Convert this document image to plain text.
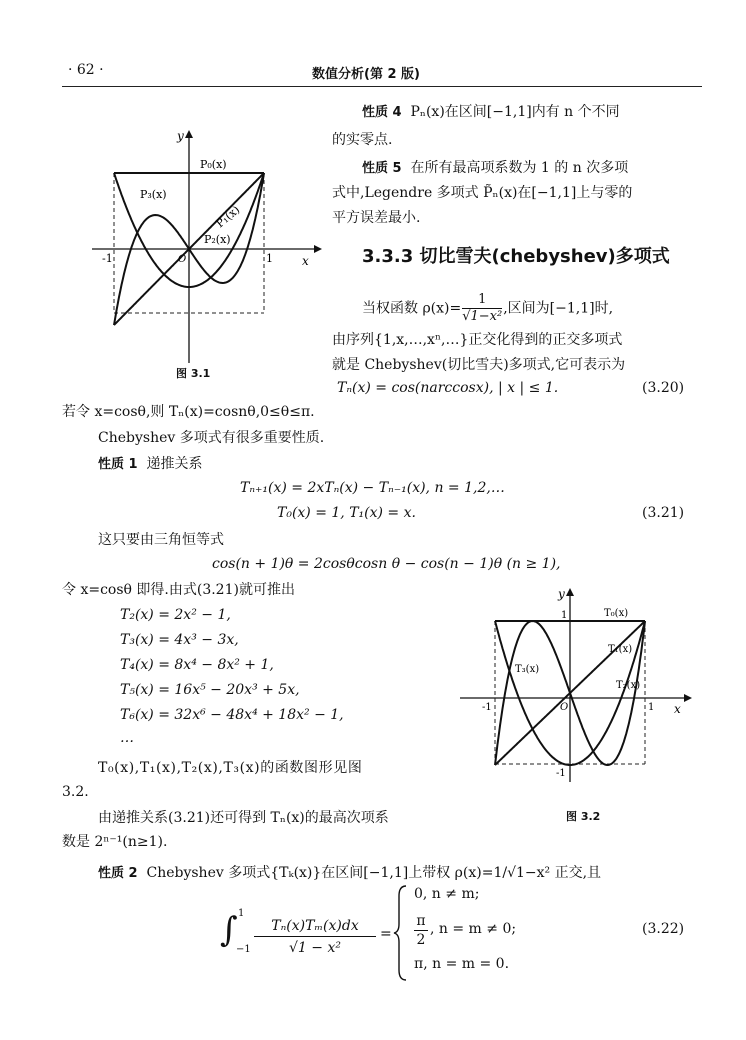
· 62 ·	数值分析(第 2 版)
y
x
O
-1	1
P₀(x)
P₃(x)
P₁(x)
P₂(x)
图 3.1
性质 4 Pₙ(x)在区间[−1,1]内有 n 个不同
的实零点.
性质 5 在所有最高项系数为 1 的 n 次多项
式中,Legendre 多项式 P̃ₙ(x)在[−1,1]上与零的
平方误差最小.
3.3.3 切比雪夫(chebyshev)多项式
当权函数 $\rho(x)= \frac{1}{\text{√1−x²}}$ ,区间为[−1,1]时,
由序列{1,x,…,xⁿ,…}正交化得到的正交多项式
就是 Chebyshev(切比雪夫)多项式,它可表示为
Tₙ(x) = cos(narccosx), | x | ≤ 1.	(3.20)
若令 x=cosθ,则 Tₙ(x)=cosnθ,0≤θ≤π.
Chebyshev 多项式有很多重要性质.
性质 1 递推关系
Tₙ₊₁(x) = 2xTₙ(x) − Tₙ₋₁(x), n = 1,2,…
T₀(x) = 1, T₁(x) = x.	(3.21)
这只要由三角恒等式
cos(n + 1)θ = 2cosθcosn θ − cos(n − 1)θ (n ≥ 1),
令 x=cosθ 即得.由式(3.21)就可推出
T₂(x) = 2x² − 1,
T₃(x) = 4x³ − 3x,
T₄(x) = 8x⁴ − 8x² + 1,
T₅(x) = 16x⁵ − 20x³ + 5x,
T₆(x) = 32x⁶ − 48x⁴ + 18x² − 1,
…
T₀(x),T₁(x),T₂(x),T₃(x)的函数图形见图
3.2.
由递推关系(3.21)还可得到 Tₙ(x)的最高次项系
数是 2ⁿ⁻¹(n≥1).
y
x
O
1
-1
-1	1
T₀(x)
T₁(x)
T₃(x)
T₂(x)
图 3.2
性质 2 Chebyshev 多项式{Tₖ(x)}在区间[−1,1]上带权 ρ(x)=1/√1−x² 正交,且
∫ 1
−1
Tₙ(x)Tₘ(x)dx
√1 − x²
=
0, n ≠ m;
π
2
, n = m ≠ 0;
π, n = m = 0.
(3.22)
